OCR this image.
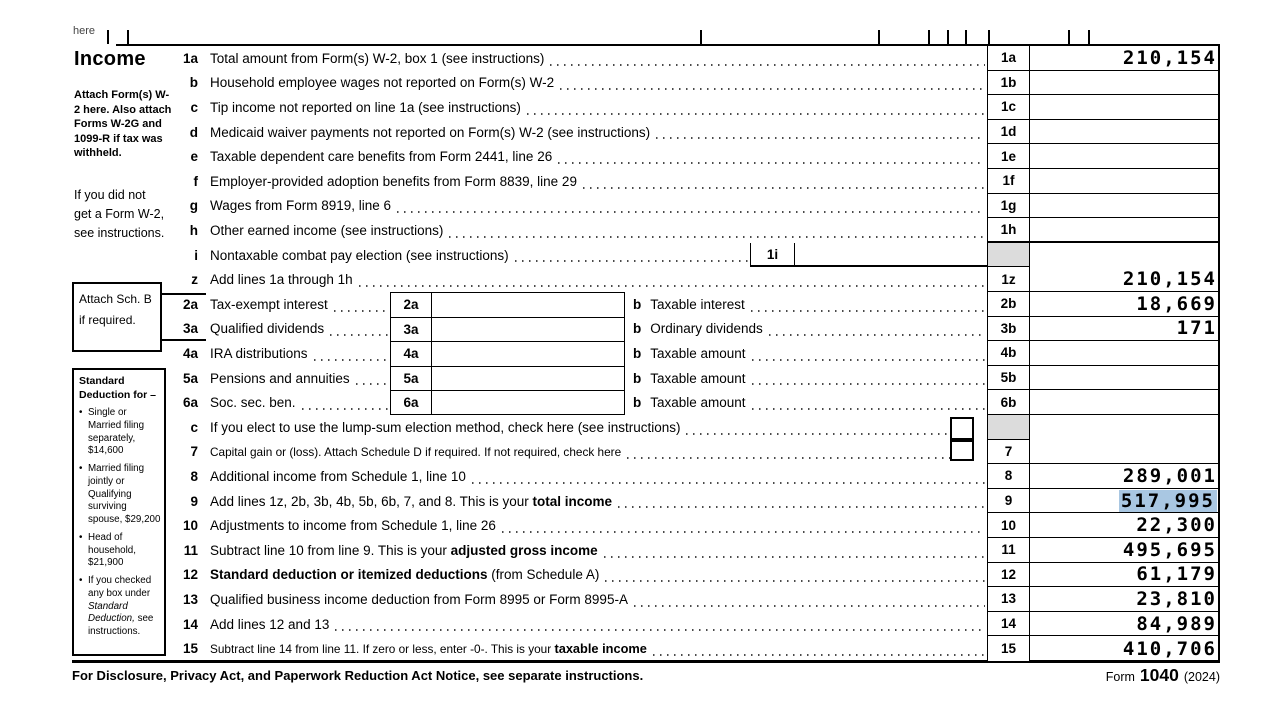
here
Income
Attach Form(s) W-2 here. Also attach Forms W-2G and 1099-R if tax was withheld.
If you did not get a Form W-2, see instructions.
Attach Sch. B if required.
Standard Deduction for –
• Single or Married filing separately, $14,600
• Married filing jointly or Qualifying surviving spouse, $29,200
• Head of household, $21,900
• If you checked any box under Standard Deduction, see instructions.
1a Total amount from Form(s) W-2, box 1 (see instructions)
b Household employee wages not reported on Form(s) W-2
c Tip income not reported on line 1a (see instructions)
d Medicaid waiver payments not reported on Form(s) W-2 (see instructions)
e Taxable dependent care benefits from Form 2441, line 26
f Employer-provided adoption benefits from Form 8839, line 29
g Wages from Form 8919, line 6
h Other earned income (see instructions)
i Nontaxable combat pay election (see instructions)	1i
z Add lines 1a through 1h
2a Tax-exempt interest	2a	b Taxable interest
3a Qualified dividends	3a	b Ordinary dividends
4a IRA distributions	4a	b Taxable amount
5a Pensions and annuities	5a	b Taxable amount
6a Soc. sec. ben.	6a	b Taxable amount
c If you elect to use the lump-sum election method, check here (see instructions)
7	Capital gain or (loss). Attach Schedule D if required. If not required, check here
8 Additional income from Schedule 1, line 10
9 Add lines 1z, 2b, 3b, 4b, 5b, 6b, 7, and 8. This is your total income
10 Adjustments to income from Schedule 1, line 26
11 Subtract line 10 from line 9. This is your adjusted gross income
12 Standard deduction or itemized deductions (from Schedule A)
13 Qualified business income deduction from Form 8995 or Form 8995-A
14 Add lines 12 and 13
15	Subtract line 14 from line 11. If zero or less, enter -0-. This is your taxable income
1a	210,154
1b
1c
1d
1e
1f
1g
1h
1z	210,154
2b	18,669
3b	171
4b
5b
6b
7
8	289,001
9	517,995
10	22,300
11	495,695
12	61,179
13	23,810
14	84,989
15	410,706
For Disclosure, Privacy Act, and Paperwork Reduction Act Notice, see separate instructions.	Form 1040 (2024)
